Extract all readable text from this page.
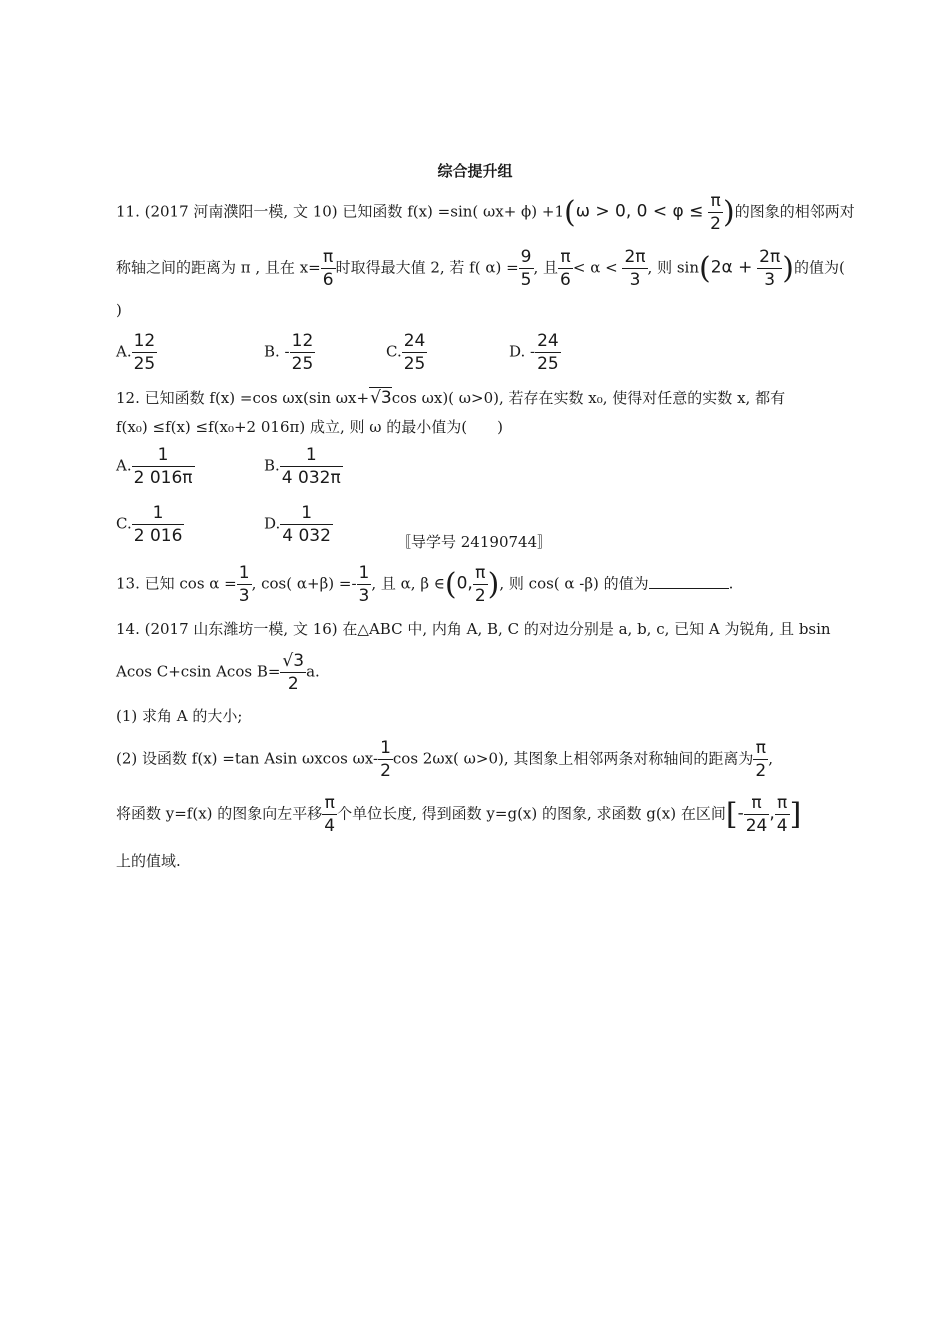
综合提升组
11. (2017 河南濮阳一模, 文 10) 已知函数 f(x) =sin( ωx+ ϕ) +1(ω > 0, $0 < \varphi \le \frac{\pi}{2}$ )的图象的相邻两对
称轴之间的距离为 π , 且在 $x= \frac{\pi}{6}$ 时取得最大值 2, 若 f( $\alpha) = \frac{9}{5}$ , 且 $\frac{\pi}{6} < \alpha < \frac{2\pi}{3}$ , 则 $\sin(2\alpha + \frac{2\pi}{3}$ )的值为(
)
A. $\frac{12}{25}$	B. - $\frac{12}{25}$	C. $\frac{24}{25}$	D. - $\frac{24}{25}$
12. 已知函数 f(x) =cos ωx(sin ωx+√3cos ωx)( ω>0), 若存在实数 x₀, 使得对任意的实数 x, 都有
f(x₀) ≤f(x) ≤f(x₀+2 016π) 成立, 则 ω 的最小值为(　　)
A. $\frac{1}{2 016\pi}$	B. $\frac{1}{4 032\pi}$
C. $\frac{1}{2 016}$	D. $\frac{1}{4 032}$	〚导学号 24190744〛
13. 已知 $\cos \alpha = \frac{1}{3}$ , cos( $\alpha+\beta) =- \frac{1}{3}$ , 且 α, β ∈(0, $\frac{\pi}{2}$ ), 则 cos( α -β) 的值为	.
14. (2017 山东潍坊一模, 文 16) 在△ABC 中, 内角 A, B, C 的对边分别是 a, b, c, 已知 A 为锐角, 且 bsin
Acos C+csin Acos $B= \frac{√3}{2} a$.
(1) 求角 A 的大小;
(2) 设函数 f(x) =tan Asin ωxcos $\omega x- \frac{1}{2}$ cos 2ωx( ω>0), 其图象上相邻两条对称轴间的距离为 $\frac{\pi}{2}$ ,
将函数 y=f(x) 的图象向左平移 $\frac{\pi}{4}$ 个单位长度, 得到函数 y=g(x) 的图象, 求函数 g(x) 在区间[- $\frac{\pi}{24}$ , $\frac{\pi}{4}$ ]
上的值域.
